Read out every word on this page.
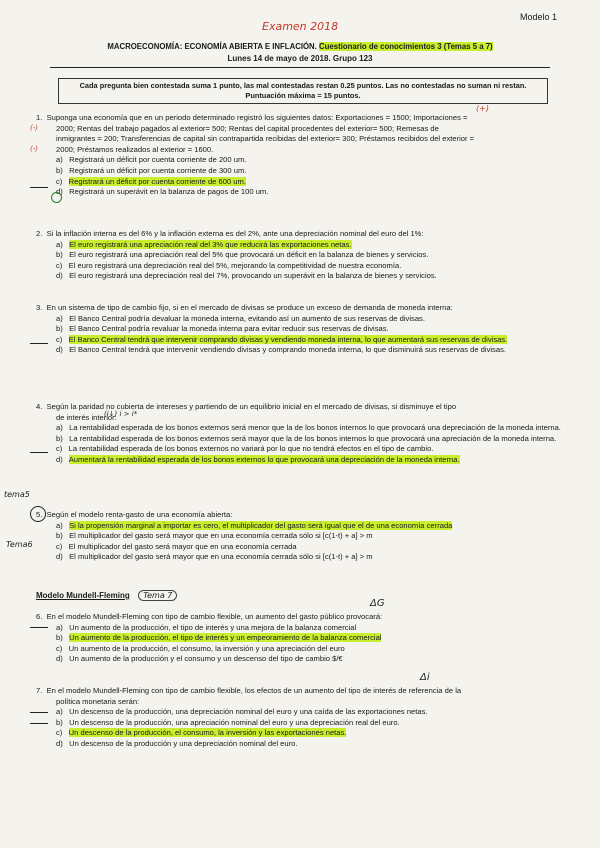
Modelo 1
Examen 2018
MACROECONOMÍA: ECONOMÍA ABIERTA E INFLACIÓN. Cuestionario de conocimientos 3 (Temas 5 a 7)
Lunes 14 de mayo de 2018. Grupo 123
Cada pregunta bien contestada suma 1 punto, las mal contestadas restan 0.25 puntos. Las no contestadas no suman ni restan.
Puntuación máxima = 15 puntos.
1. Suponga una economía que en un periodo determinado registró los siguientes datos: Exportaciones = 1500; Importaciones =
2000; Rentas del trabajo pagados al exterior= 500; Rentas del capital procedentes del exterior= 500; Remesas de
inmigrantes = 200; Transferencias de capital sin contrapartida recibidas del exterior= 300; Préstamos recibidos del exterior =
2000; Préstamos realizados al exterior = 1600.
a) Registrará un déficit por cuenta corriente de 200 um.
b) Registrará un déficit por cuenta corriente de 300 um.
c) Registrará un déficit por cuenta corriente de 600 um.
d) Registrará un superávit en la balanza de pagos de 100 um.
(+)
(-)
(-)
2. Si la inflación interna es del 6% y la inflación externa es del 2%, ante una depreciación nominal del euro del 1%:
a) El euro registrará una apreciación real del 3% que reducirá las exportaciones netas.
b) El euro registrará una apreciación real del 5% que provocará un déficit en la balanza de bienes y servicios.
c) El euro registrará una depreciación real del 5%, mejorando la competitividad de nuestra economía.
d) El euro registrará una depreciación real del 7%, provocando un superávit en la balanza de bienes y servicios.
3. En un sistema de tipo de cambio fijo, si en el mercado de divisas se produce un exceso de demanda de moneda interna:
a) El Banco Central podría devaluar la moneda interna, evitando así un aumento de sus reservas de divisas.
b) El Banco Central podría revaluar la moneda interna para evitar reducir sus reservas de divisas.
c) El Banco Central tendrá que intervenir comprando divisas y vendiendo moneda interna, lo que aumentará sus reservas de divisas.
d) El Banco Central tendrá que intervenir vendiendo divisas y comprando moneda interna, lo que disminuirá sus reservas de divisas.
4. Según la paridad no cubierta de intereses y partiendo de un equilibrio inicial en el mercado de divisas, si disminuye el tipo
de interés interior:
a) La rentabilidad esperada de los bonos externos será menor que la de los bonos internos lo que provocará una depreciación de la moneda interna.
b) La rentabilidad esperada de los bonos externos será mayor que la de los bonos internos lo que provocará una apreciación de la moneda interna.
c) La rentabilidad esperada de los bonos externos no variará por lo que no tendrá efectos en el tipo de cambio.
d) Aumentará la rentabilidad esperada de los bonos externos lo que provocará una depreciación de la moneda interna.
(i↓) i > i*
tema5
5. Según el modelo renta-gasto de una economía abierta:
a) Si la propensión marginal a importar es cero, el multiplicador del gasto será igual que el de una economía cerrada
b) El multiplicador del gasto será mayor que en una economía cerrada sólo si [c(1-t) + a] > m
c) El multiplicador del gasto será mayor que en una economía cerrada
d) El multiplicador del gasto será mayor que en una economía cerrada sólo si [c(1-t) + a] > m
Tema6
Modelo Mundell-Fleming Tema 7
6. En el modelo Mundell-Fleming con tipo de cambio flexible, un aumento del gasto público provocará:
a) Un aumento de la producción, el tipo de interés y una mejora de la balanza comercial
b) Un aumento de la producción, el tipo de interés y un empeoramiento de la balanza comercial
c) Un aumento de la producción, el consumo, la inversión y una apreciación del euro
d) Un aumento de la producción y el consumo y un descenso del tipo de cambio $/€
ΔG
7. En el modelo Mundell-Fleming con tipo de cambio flexible, los efectos de un aumento del tipo de interés de referencia de la
política monetaria serán:
a) Un descenso de la producción, una depreciación nominal del euro y una caída de las exportaciones netas.
b) Un descenso de la producción, una apreciación nominal del euro y una depreciación real del euro.
c) Un descenso de la producción, el consumo, la inversión y las exportaciones netas.
d) Un descenso de la producción y una depreciación nominal del euro.
Δi
